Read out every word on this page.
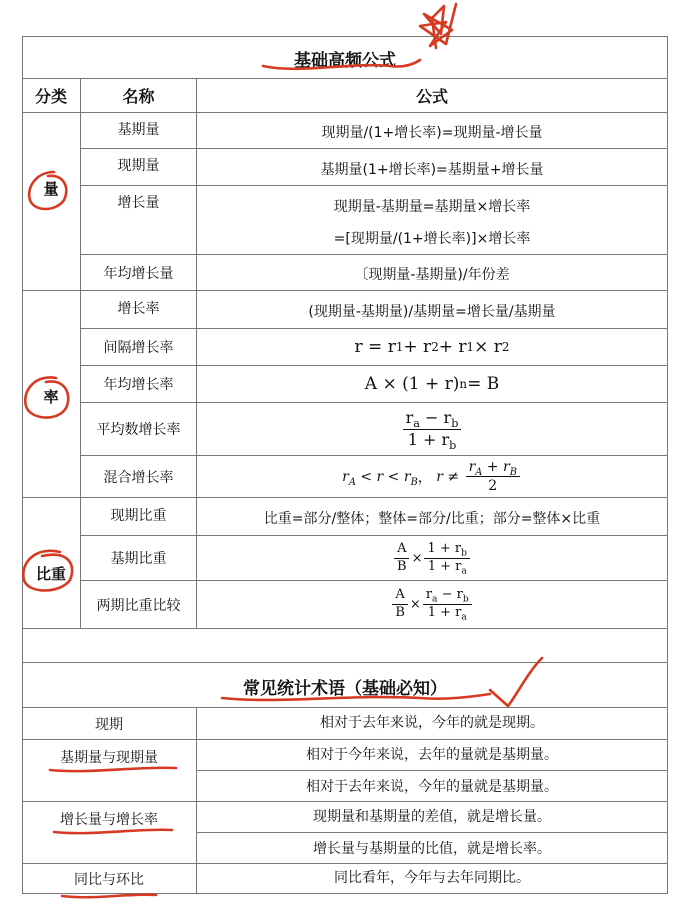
基础高频公式
分类	名称	公式
量
基期量	现期量/(1+增长率)=现期量-增长量
现期量	基期量(1+增长率)=基期量+增长量
增长量	现期量-基期量=基期量×增长率
=[现期量/(1+增长率)]×增长率
年均增长量	〔现期量-基期量)/年份差
率
增长率	(现期量-基期量)/基期量=增长量/基期量
间隔增长率	r = r 1 + r 2 + r 1 × r 2
年均增长率	A × (1 + r) n = B
平均数增长率	$\frac{r_a - r_b}{1 + r_b}$
混合增长率	$r_A < r < r_B$ ， $r \ne \frac{r_A + r_B}{2}$
比重
现期比重	比重=部分/整体；整体=部分/比重；部分=整体×比重
基期比重	$\frac{A}{B} \times \frac{1 + r_b}{1 + r_a}$
两期比重比较	$\frac{A}{B} \times \frac{r_a - r_b}{1 + r_a}$
常见统计术语（基础必知）
现期	相对于去年来说，今年的就是现期。
基期量与现期量	相对于今年来说，去年的量就是基期量。
相对于去年来说，今年的量就是基期量。
增长量与增长率	现期量和基期量的差值，就是增长量。
增长量与基期量的比值，就是增长率。
同比与环比	同比看年，今年与去年同期比。
